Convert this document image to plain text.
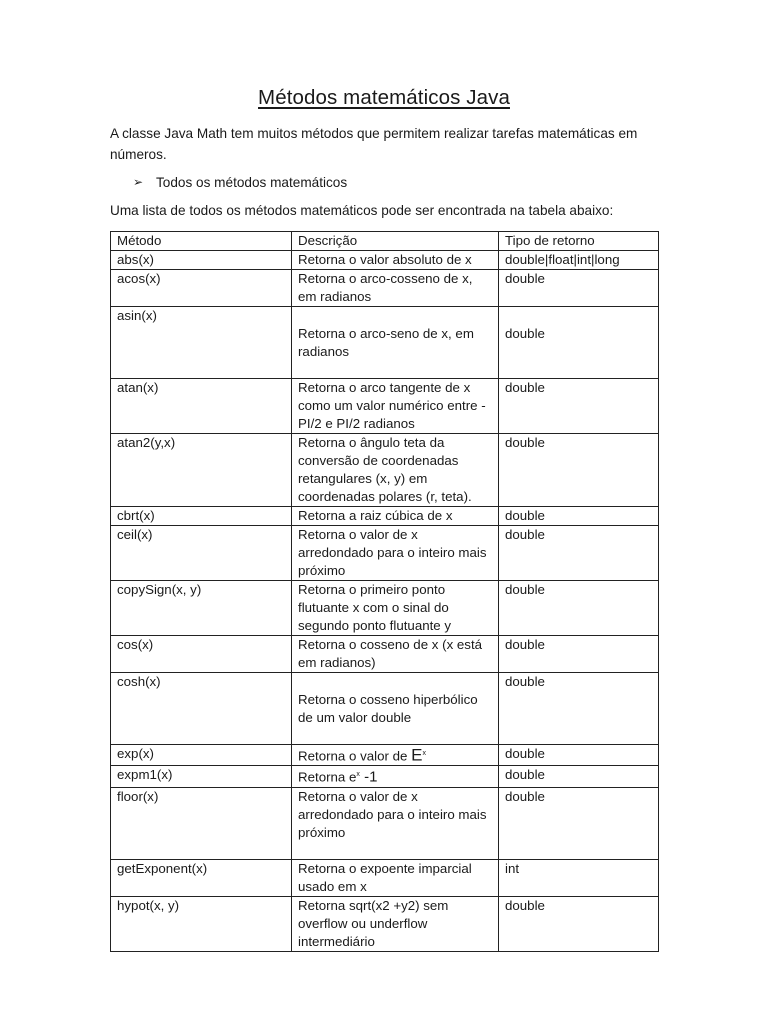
Métodos matemáticos Java
A classe Java Math tem muitos métodos que permitem realizar tarefas matemáticas em números.
➢ Todos os métodos matemáticos
Uma lista de todos os métodos matemáticos pode ser encontrada na tabela abaixo:
Método	Descrição	Tipo de retorno
abs(x)	Retorna o valor absoluto de x	double|float|int|long
acos(x)	Retorna o arco-cosseno de x, em radianos	double
asin(x)	Retorna o arco-seno de x, em radianos	double
atan(x)	Retorna o arco tangente de x como um valor numérico entre -PI/2 e PI/2 radianos	double
atan2(y,x)	Retorna o ângulo teta da conversão de coordenadas retangulares (x, y) em coordenadas polares (r, teta).	double
cbrt(x)	Retorna a raiz cúbica de x	double
ceil(x)	Retorna o valor de x arredondado para o inteiro mais próximo	double
copySign(x, y)	Retorna o primeiro ponto flutuante x com o sinal do segundo ponto flutuante y	double
cos(x)	Retorna o cosseno de x (x está em radianos)	double
cosh(x)	Retorna o cosseno hiperbólico de um valor double	double
exp(x)	Retorna o valor de $E^x$	double
expm1(x)	Retorna $e^x$ -1	double
floor(x)	Retorna o valor de x arredondado para o inteiro mais próximo	double
getExponent(x)	Retorna o expoente imparcial usado em x	int
hypot(x, y)	Retorna sqrt(x2 +y2) sem overflow ou underflow intermediário	double
